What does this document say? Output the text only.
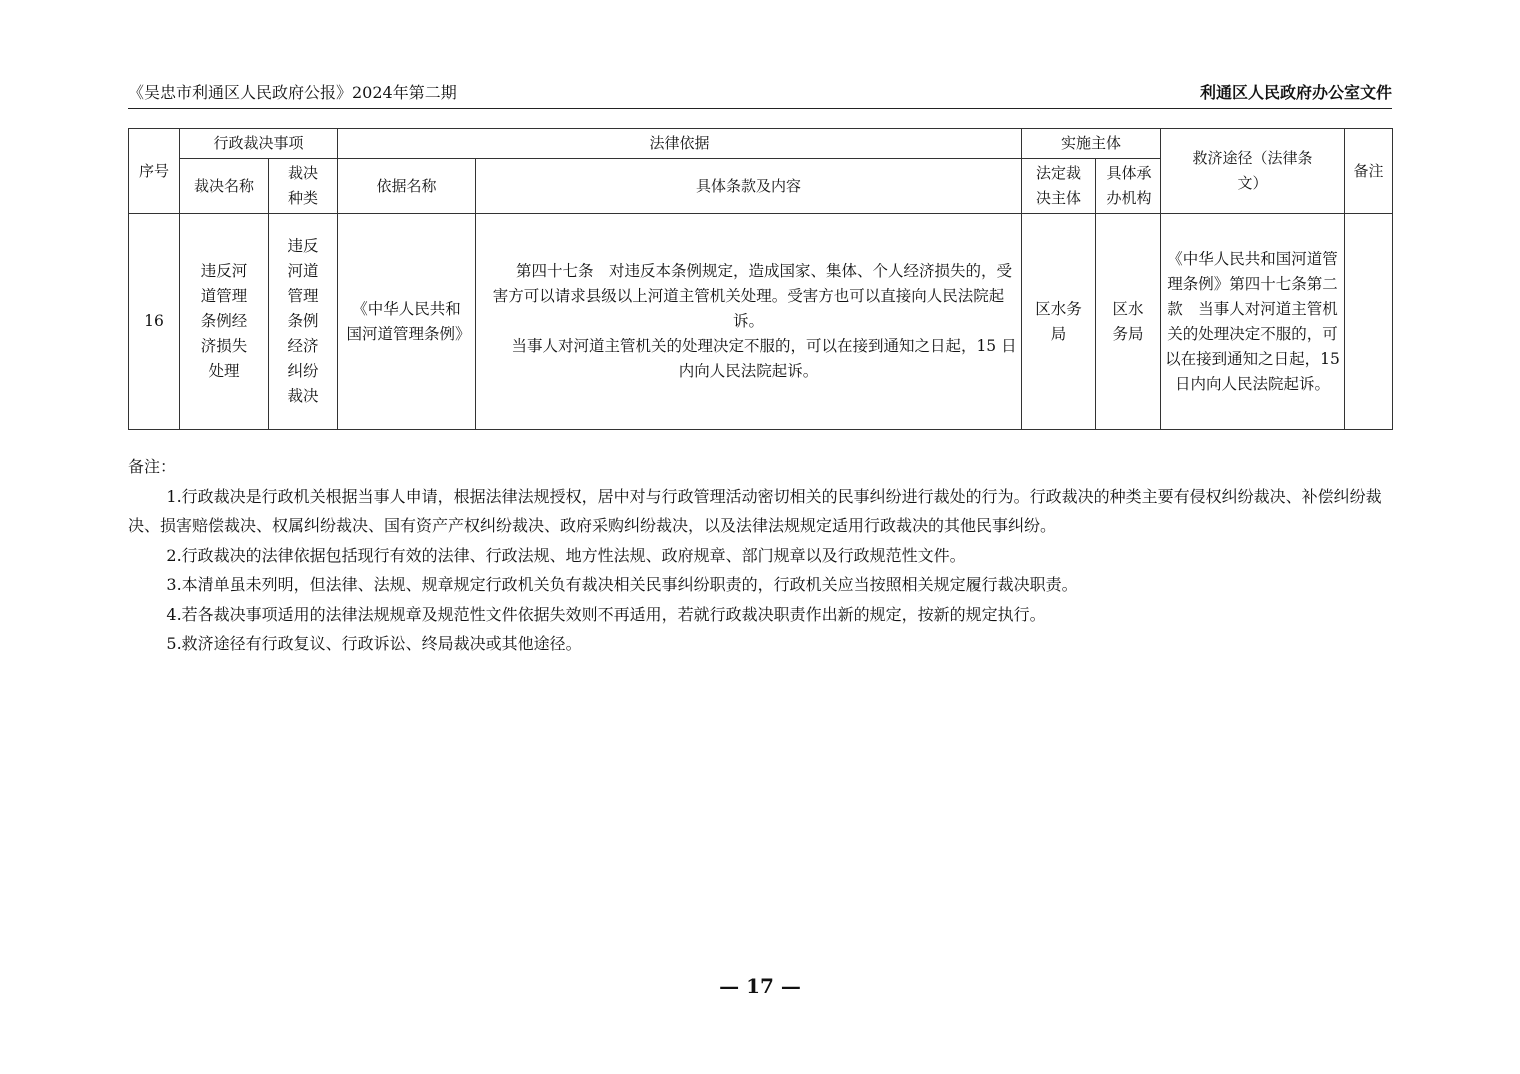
《吴忠市利通区人民政府公报》2024年第二期	利通区人民政府办公室文件
序号	行政裁决事项		法律依据		实施主体		救济途径（法律条文）	备注
	裁决名称	裁决种类	依据名称	具体条款及内容	法定裁决主体	具体承办机构		
16	违反河道管理条例经济损失处理	违反河道管理条例经济纠纷裁决	《中华人民共和国河道管理条例》	第四十七条　对违反本条例规定，造成国家、集体、个人经济损失的，受害方可以请求县级以上河道主管机关处理。受害方也可以直接向人民法院起诉。

当事人对河道主管机关的处理决定不服的，可以在接到通知之日起，15 日内向人民法院起诉。	区水务局	区水务局	《中华人民共和国河道管理条例》第四十七条第二款　当事人对河道主管机关的处理决定不服的，可以在接到通知之日起，15 日内向人民法院起诉。	

备注：

1.行政裁决是行政机关根据当事人申请，根据法律法规授权，居中对与行政管理活动密切相关的民事纠纷进行裁处的行为。行政裁决的种类主要有侵权纠纷裁决、补偿纠纷裁决、损害赔偿裁决、权属纠纷裁决、国有资产产权纠纷裁决、政府采购纠纷裁决，以及法律法规规定适用行政裁决的其他民事纠纷。

2.行政裁决的法律依据包括现行有效的法律、行政法规、地方性法规、政府规章、部门规章以及行政规范性文件。

3.本清单虽未列明，但法律、法规、规章规定行政机关负有裁决相关民事纠纷职责的，行政机关应当按照相关规定履行裁决职责。

4.若各裁决事项适用的法律法规规章及规范性文件依据失效则不再适用，若就行政裁决职责作出新的规定，按新的规定执行。

5.救济途径有行政复议、行政诉讼、终局裁决或其他途径。

— 17 —
